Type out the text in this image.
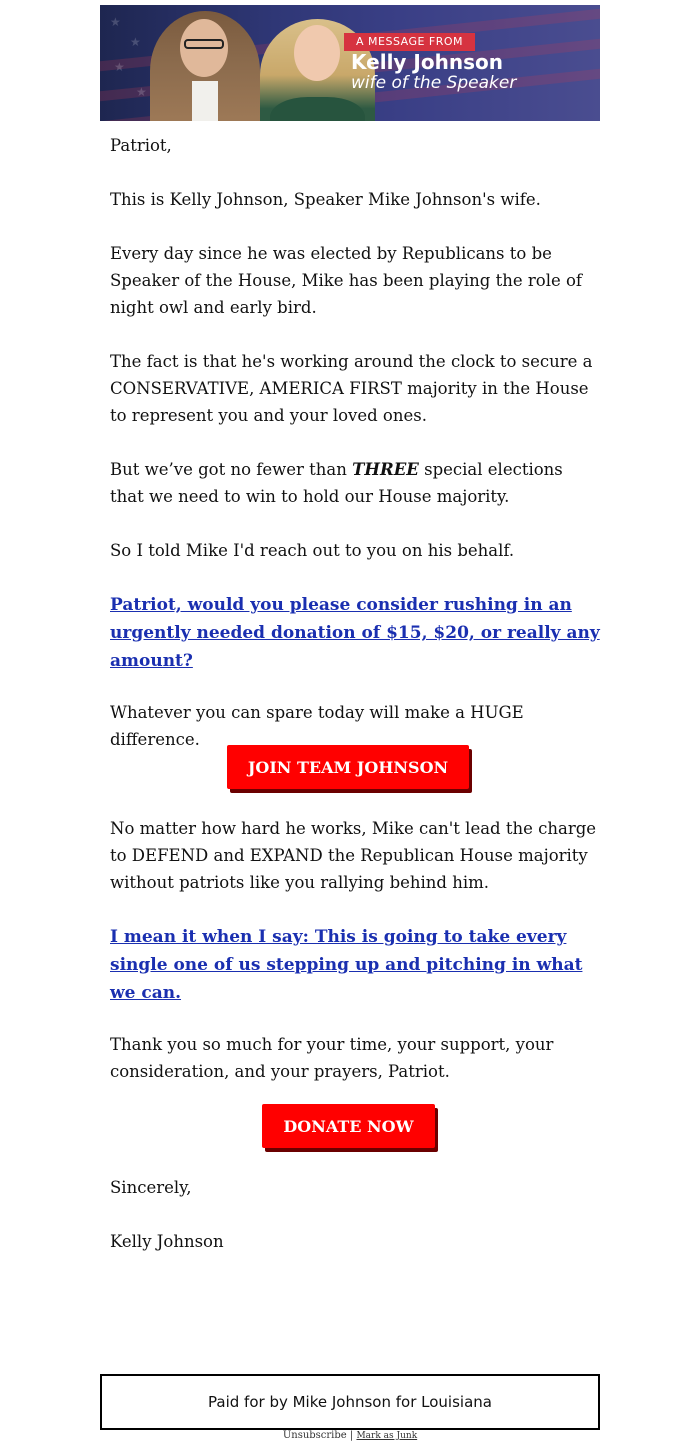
★
★
★
★
A MESSAGE FROM
Kelly Johnson
wife of the Speaker

Patriot,

This is Kelly Johnson, Speaker Mike Johnson's wife.

Every day since he was elected by Republicans to be Speaker of the House, Mike has been playing the role of night owl and early bird.

The fact is that he's working around the clock to secure a CONSERVATIVE, AMERICA FIRST majority in the House to represent you and your loved ones.

But we’ve got no fewer than THREE special elections that we need to win to hold our House majority.

So I told Mike I'd reach out to you on his behalf.

Patriot, would you please consider rushing in an urgently needed donation of $15, $20, or really any amount?

Whatever you can spare today will make a HUGE difference.

JOIN TEAM JOHNSON

No matter how hard he works, Mike can't lead the charge to DEFEND and EXPAND the Republican House majority without patriots like you rallying behind him.

I mean it when I say: This is going to take every single one of us stepping up and pitching in what we can.

Thank you so much for your time, your support, your consideration, and your prayers, Patriot.

DONATE NOW

Sincerely,

Kelly Johnson

Paid for by Mike Johnson for Louisiana
Unsubscribe | Mark as Junk
